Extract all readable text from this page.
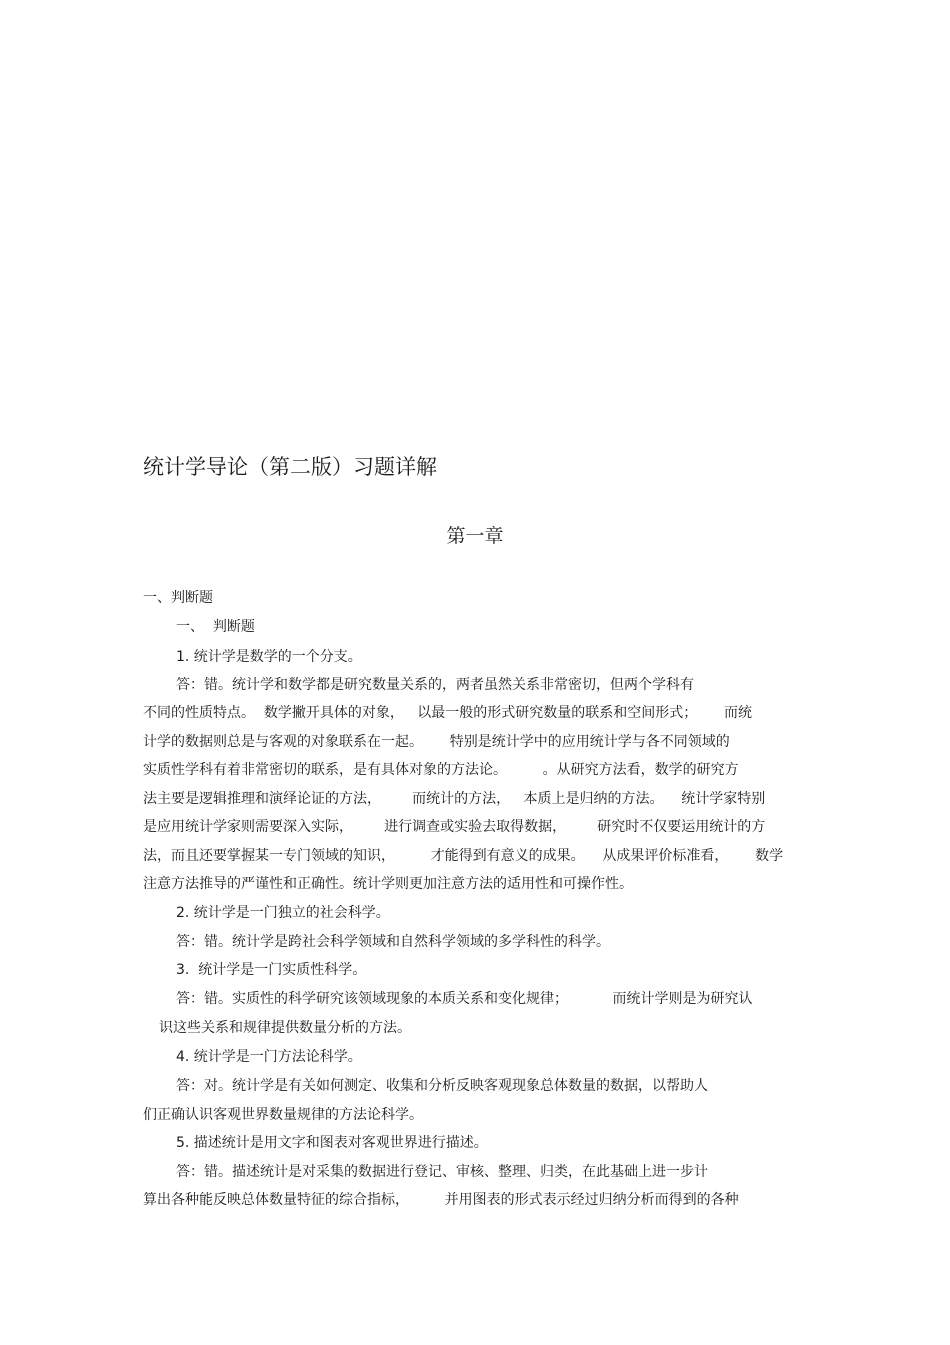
统计学导论（第二版）习题详解
第一章
一、判断题
一、  判断题
1. 统计学是数学的一个分支。
答：错。统计学和数学都是研究数量关系的，两者虽然关系非常密切，但两个学科有
不同的性质特点。  数学撇开具体的对象，   以最一般的形式研究数量的联系和空间形式；      而统
计学的数据则总是与客观的对象联系在一起。      特别是统计学中的应用统计学与各不同领域的
实质性学科有着非常密切的联系，是有具体对象的方法论。        。从研究方法看，数学的研究方
法主要是逻辑推理和演绎论证的方法，       而统计的方法，   本质上是归纳的方法。    统计学家特别
是应用统计学家则需要深入实际，       进行调查或实验去取得数据，       研究时不仅要运用统计的方
法，而且还要掌握某一专门领域的知识，        才能得到有意义的成果。    从成果评价标准看，      数学
注意方法推导的严谨性和正确性。统计学则更加注意方法的适用性和可操作性。
2. 统计学是一门独立的社会科学。
答：错。统计学是跨社会科学领域和自然科学领域的多学科性的科学。
3.  统计学是一门实质性科学。
答：错。实质性的科学研究该领域现象的本质关系和变化规律；          而统计学则是为研究认
识这些关系和规律提供数量分析的方法。
4. 统计学是一门方法论科学。
答：对。统计学是有关如何测定、收集和分析反映客观现象总体数量的数据，以帮助人
们正确认识客观世界数量规律的方法论科学。
5. 描述统计是用文字和图表对客观世界进行描述。
答：错。描述统计是对采集的数据进行登记、审核、整理、归类，在此基础上进一步计
算出各种能反映总体数量特征的综合指标，        并用图表的形式表示经过归纳分析而得到的各种
